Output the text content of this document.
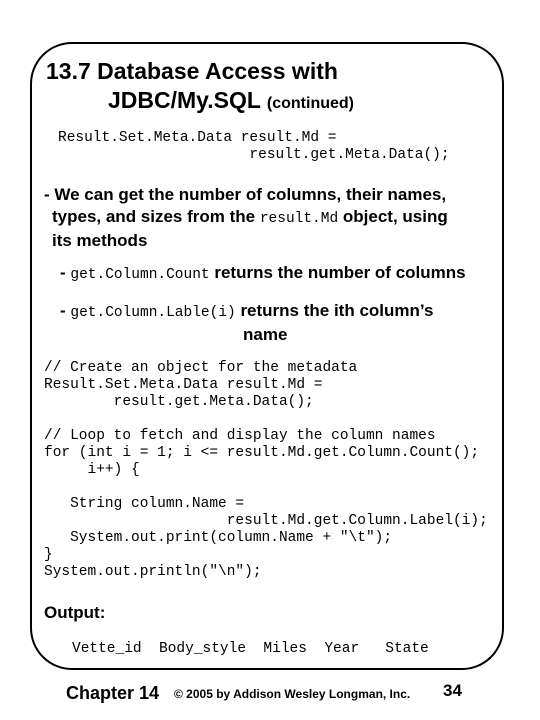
13.7 Database Access with
JDBC/My.SQL (continued)
Result.Set.Meta.Data result.Md =
result.get.Meta.Data();
- We can get the number of columns, their names,
types, and sizes from the result.Md object, using
its methods
- get.Column.Count returns the number of columns
- get.Column.Lable(i) returns the ith column’s
name
// Create an object for the metadata
Result.Set.Meta.Data result.Md =
result.get.Meta.Data();

// Loop to fetch and display the column names
for (int i = 1; i <= result.Md.get.Column.Count();
i++) {

String column.Name =
result.Md.get.Column.Label(i);
System.out.print(column.Name + "\t");
}
System.out.println("\n");
Output:
Vette_id  Body_style  Miles  Year   State
Chapter 14 © 2005 by Addison Wesley Longman, Inc. 34
